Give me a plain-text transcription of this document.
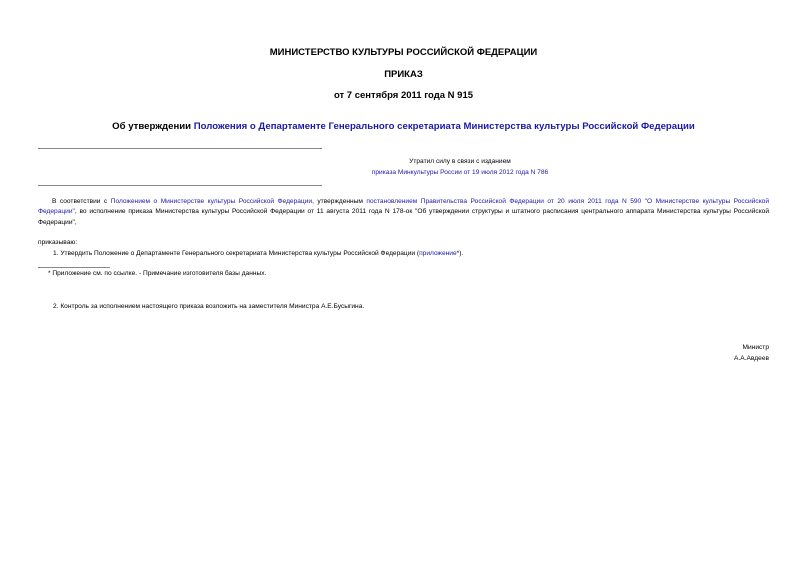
МИНИСТЕРСТВО КУЛЬТУРЫ РОССИЙСКОЙ ФЕДЕРАЦИИ
ПРИКАЗ
от 7 сентября 2011 года N 915
Об утверждении Положения о Департаменте Генерального секретариата Министерства культуры Российской Федерации
Утратил силу в связи с изданием
приказа Минкультуры России от 19 июля 2012 года N 786
В соответствии с Положением о Министерстве культуры Российской Федерации, утвержденным постановлением Правительства Российской Федерации от 20 июля 2011 года N 590 "О Министерстве культуры Российской Федерации", во исполнение приказа Министерства культуры Российской Федерации от 11 августа 2011 года N 178-ок "Об утверждении структуры и штатного расписания центрального аппарата Министерства культуры Российской Федерации",
приказываю:
1. Утвердить Положение о Департаменте Генерального секретариата Министерства культуры Российской Федерации (приложение*).
* Приложение см. по ссылке. - Примечание изготовителя базы данных.
2. Контроль за исполнением настоящего приказа возложить на заместителя Министра А.Е.Бусыгина.
Министр
А.А.Авдеев
